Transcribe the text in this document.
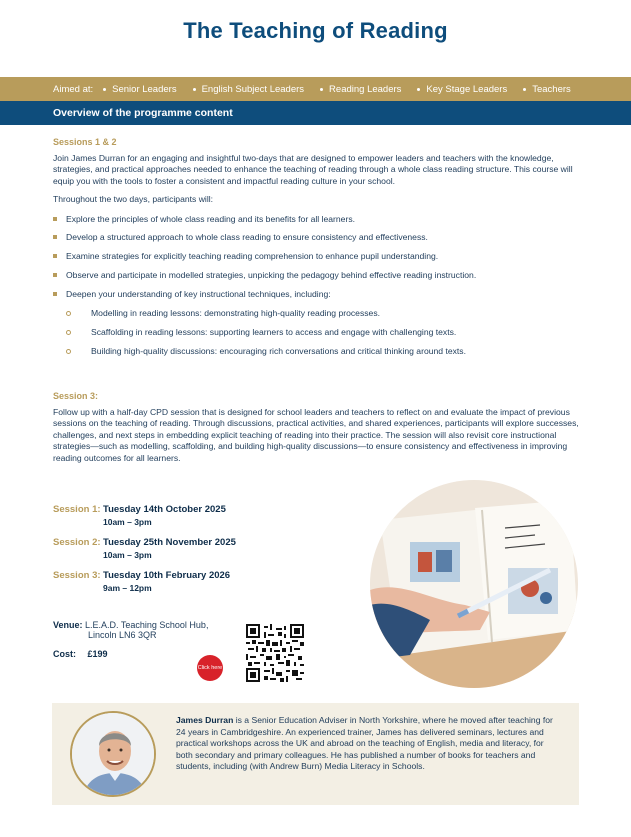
The Teaching of Reading
Aimed at: Senior Leaders	English Subject Leaders	Reading Leaders	Key Stage Leaders	Teachers
Overview of the programme content
Sessions 1 & 2

Join James Durran for an engaging and insightful two-days that are designed to empower leaders and teachers with the knowledge, strategies, and practical approaches needed to enhance the teaching of reading through a whole class reading structure. This course will equip you with the tools to foster a consistent and impactful reading culture in your school.

Throughout the two days, participants will:

Explore the principles of whole class reading and its benefits for all learners.
Develop a structured approach to whole class reading to ensure consistency and effectiveness.
Examine strategies for explicitly teaching reading comprehension to enhance pupil understanding.
Observe and participate in modelled strategies, unpicking the pedagogy behind effective reading instruction.
Deepen your understanding of key instructional techniques, including:
Modelling in reading lessons: demonstrating high-quality reading processes.
Scaffolding in reading lessons: supporting learners to access and engage with challenging texts.
Building high-quality discussions: encouraging rich conversations and critical thinking around texts.
Session 3:

Follow up with a half-day CPD session that is designed for school leaders and teachers to reflect on and evaluate the impact of previous sessions on the teaching of reading. Through discussions, practical activities, and shared experiences, participants will explore successes, challenges, and next steps in embedding explicit teaching of reading into their practice. The session will also revisit core instructional strategies—such as modelling, scaffolding, and building high-quality discussions—to ensure consistency and effectiveness in improving reading outcomes for all learners.

Session 1: Tuesday 14th October 2025
10am – 3pm
Session 2: Tuesday 25th November 2025
10am – 3pm
Session 3: Tuesday 10th February 2026
9am – 12pm
Venue: L.E.A.D. Teaching School Hub,
Lincoln LN6 3QR
Cost: £199
Click here
James Durran is a Senior Education Adviser in North Yorkshire, where he moved after teaching for 24 years in Cambridgeshire. An experienced trainer, James has delivered seminars, lectures and practical workshops across the UK and abroad on the teaching of English, media and literacy, for both secondary and primary colleagues. He has published a number of books for teachers and students, including (with Andrew Burn) Media Literacy in Schools.
